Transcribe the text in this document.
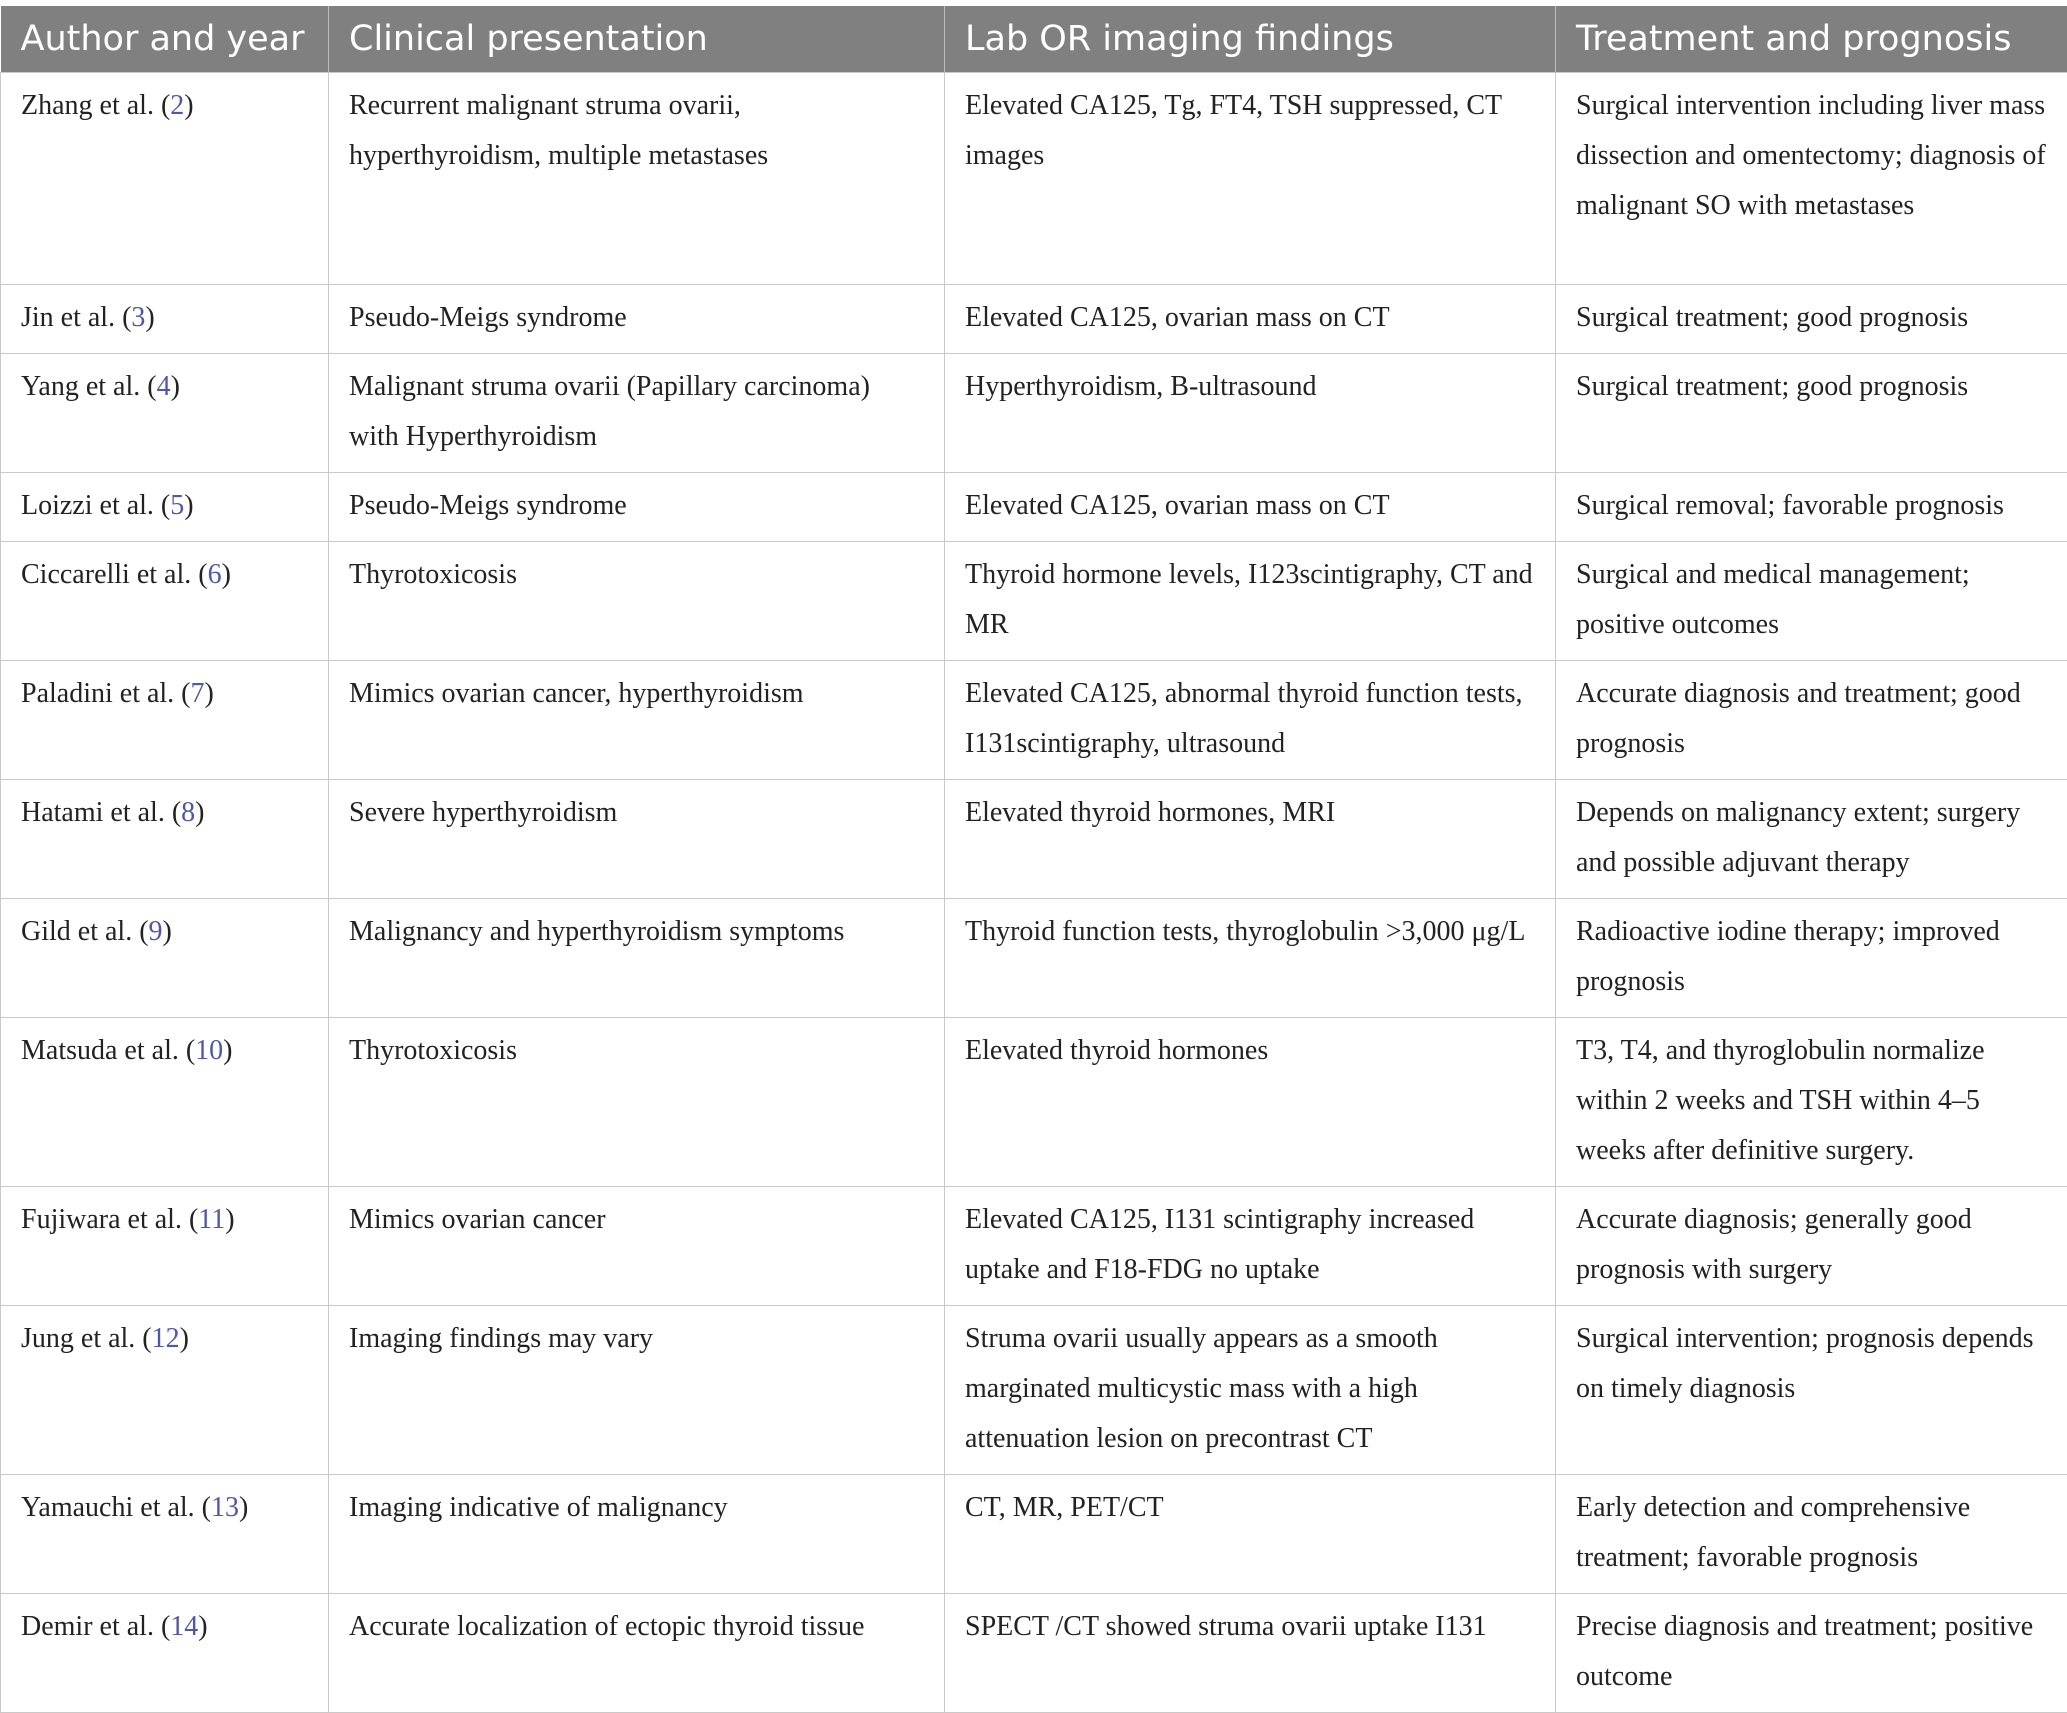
Author and year	Clinical presentation	Lab OR imaging findings	Treatment and prognosis
Zhang et al. (2)	Recurrent malignant struma ovarii, hyperthyroidism, multiple metastases	Elevated CA125, Tg, FT4, TSH suppressed, CT images	Surgical intervention including liver mass dissection and omentectomy; diagnosis of malignant SO with metastases
Jin et al. (3)	Pseudo-Meigs syndrome	Elevated CA125, ovarian mass on CT	Surgical treatment; good prognosis
Yang et al. (4)	Malignant struma ovarii (Papillary carcinoma) with Hyperthyroidism	Hyperthyroidism, B-ultrasound	Surgical treatment; good prognosis
Loizzi et al. (5)	Pseudo-Meigs syndrome	Elevated CA125, ovarian mass on CT	Surgical removal; favorable prognosis
Ciccarelli et al. (6)	Thyrotoxicosis	Thyroid hormone levels, I123scintigraphy, CT and MR	Surgical and medical management; positive outcomes
Paladini et al. (7)	Mimics ovarian cancer, hyperthyroidism	Elevated CA125, abnormal thyroid function tests, I131scintigraphy, ultrasound	Accurate diagnosis and treatment; good prognosis
Hatami et al. (8)	Severe hyperthyroidism	Elevated thyroid hormones, MRI	Depends on malignancy extent; surgery and possible adjuvant therapy
Gild et al. (9)	Malignancy and hyperthyroidism symptoms	Thyroid function tests, thyroglobulin >3,000 μg/L	Radioactive iodine therapy; improved prognosis
Matsuda et al. (10)	Thyrotoxicosis	Elevated thyroid hormones	T3, T4, and thyroglobulin normalize within 2 weeks and TSH within 4–5 weeks after definitive surgery.
Fujiwara et al. (11)	Mimics ovarian cancer	Elevated CA125, I131 scintigraphy increased uptake and F18-FDG no uptake	Accurate diagnosis; generally good prognosis with surgery
Jung et al. (12)	Imaging findings may vary	Struma ovarii usually appears as a smooth marginated multicystic mass with a high attenuation lesion on precontrast CT	Surgical intervention; prognosis depends on timely diagnosis
Yamauchi et al. (13)	Imaging indicative of malignancy	CT, MR, PET/CT	Early detection and comprehensive treatment; favorable prognosis
Demir et al. (14)	Accurate localization of ectopic thyroid tissue	SPECT /CT showed struma ovarii uptake I131	Precise diagnosis and treatment; positive outcome
